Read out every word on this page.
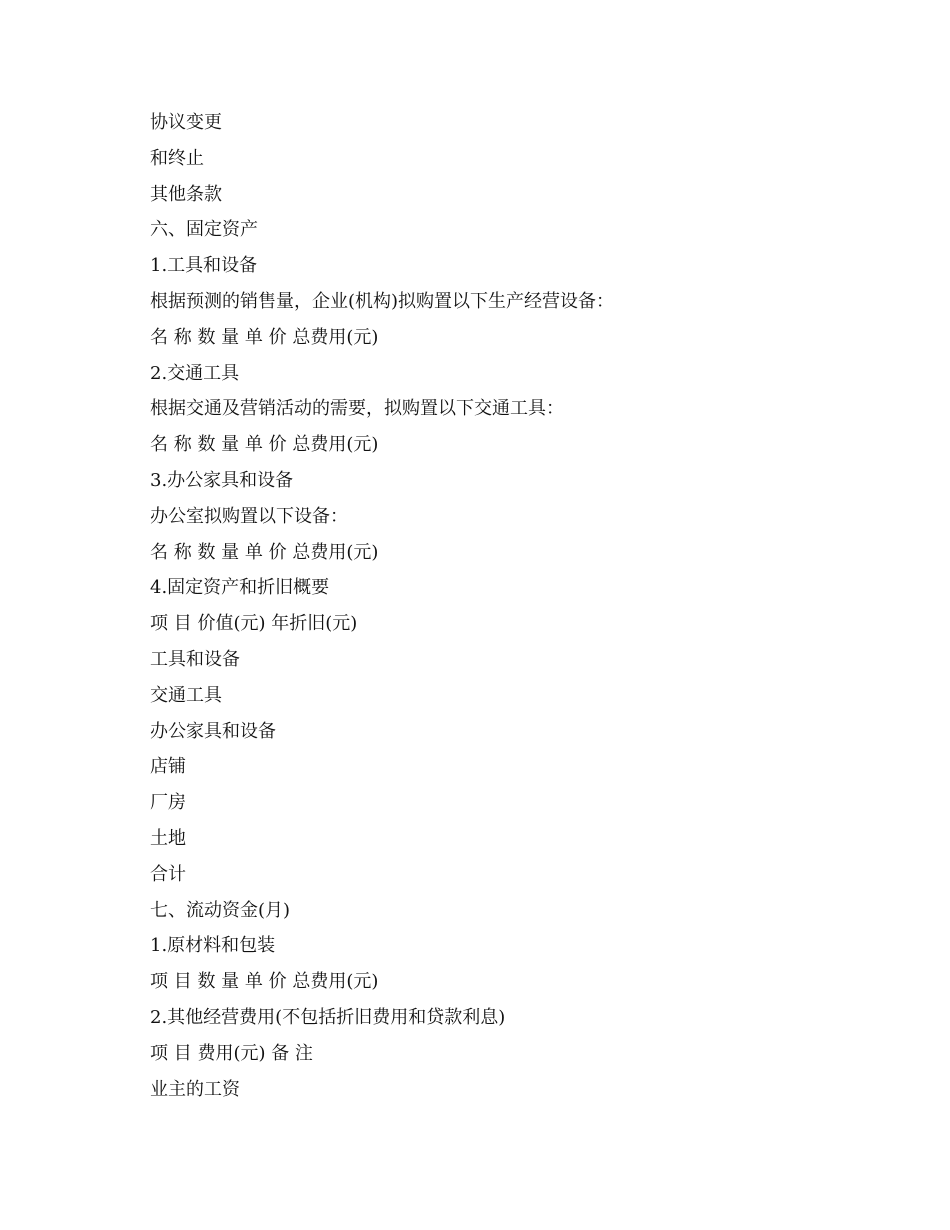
协议变更
和终止
其他条款
六、固定资产
1.工具和设备
根据预测的销售量，企业(机构)拟购置以下生产经营设备：
名 称 数 量 单 价 总费用(元)
2.交通工具
根据交通及营销活动的需要，拟购置以下交通工具：
名 称 数 量 单 价 总费用(元)
3.办公家具和设备
办公室拟购置以下设备：
名 称 数 量 单 价 总费用(元)
4.固定资产和折旧概要
项 目 价值(元) 年折旧(元)
工具和设备
交通工具
办公家具和设备
店铺
厂房
土地
合计
七、流动资金(月)
1.原材料和包装
项 目 数 量 单 价 总费用(元)
2.其他经营费用(不包括折旧费用和贷款利息)
项 目 费用(元) 备 注
业主的工资
